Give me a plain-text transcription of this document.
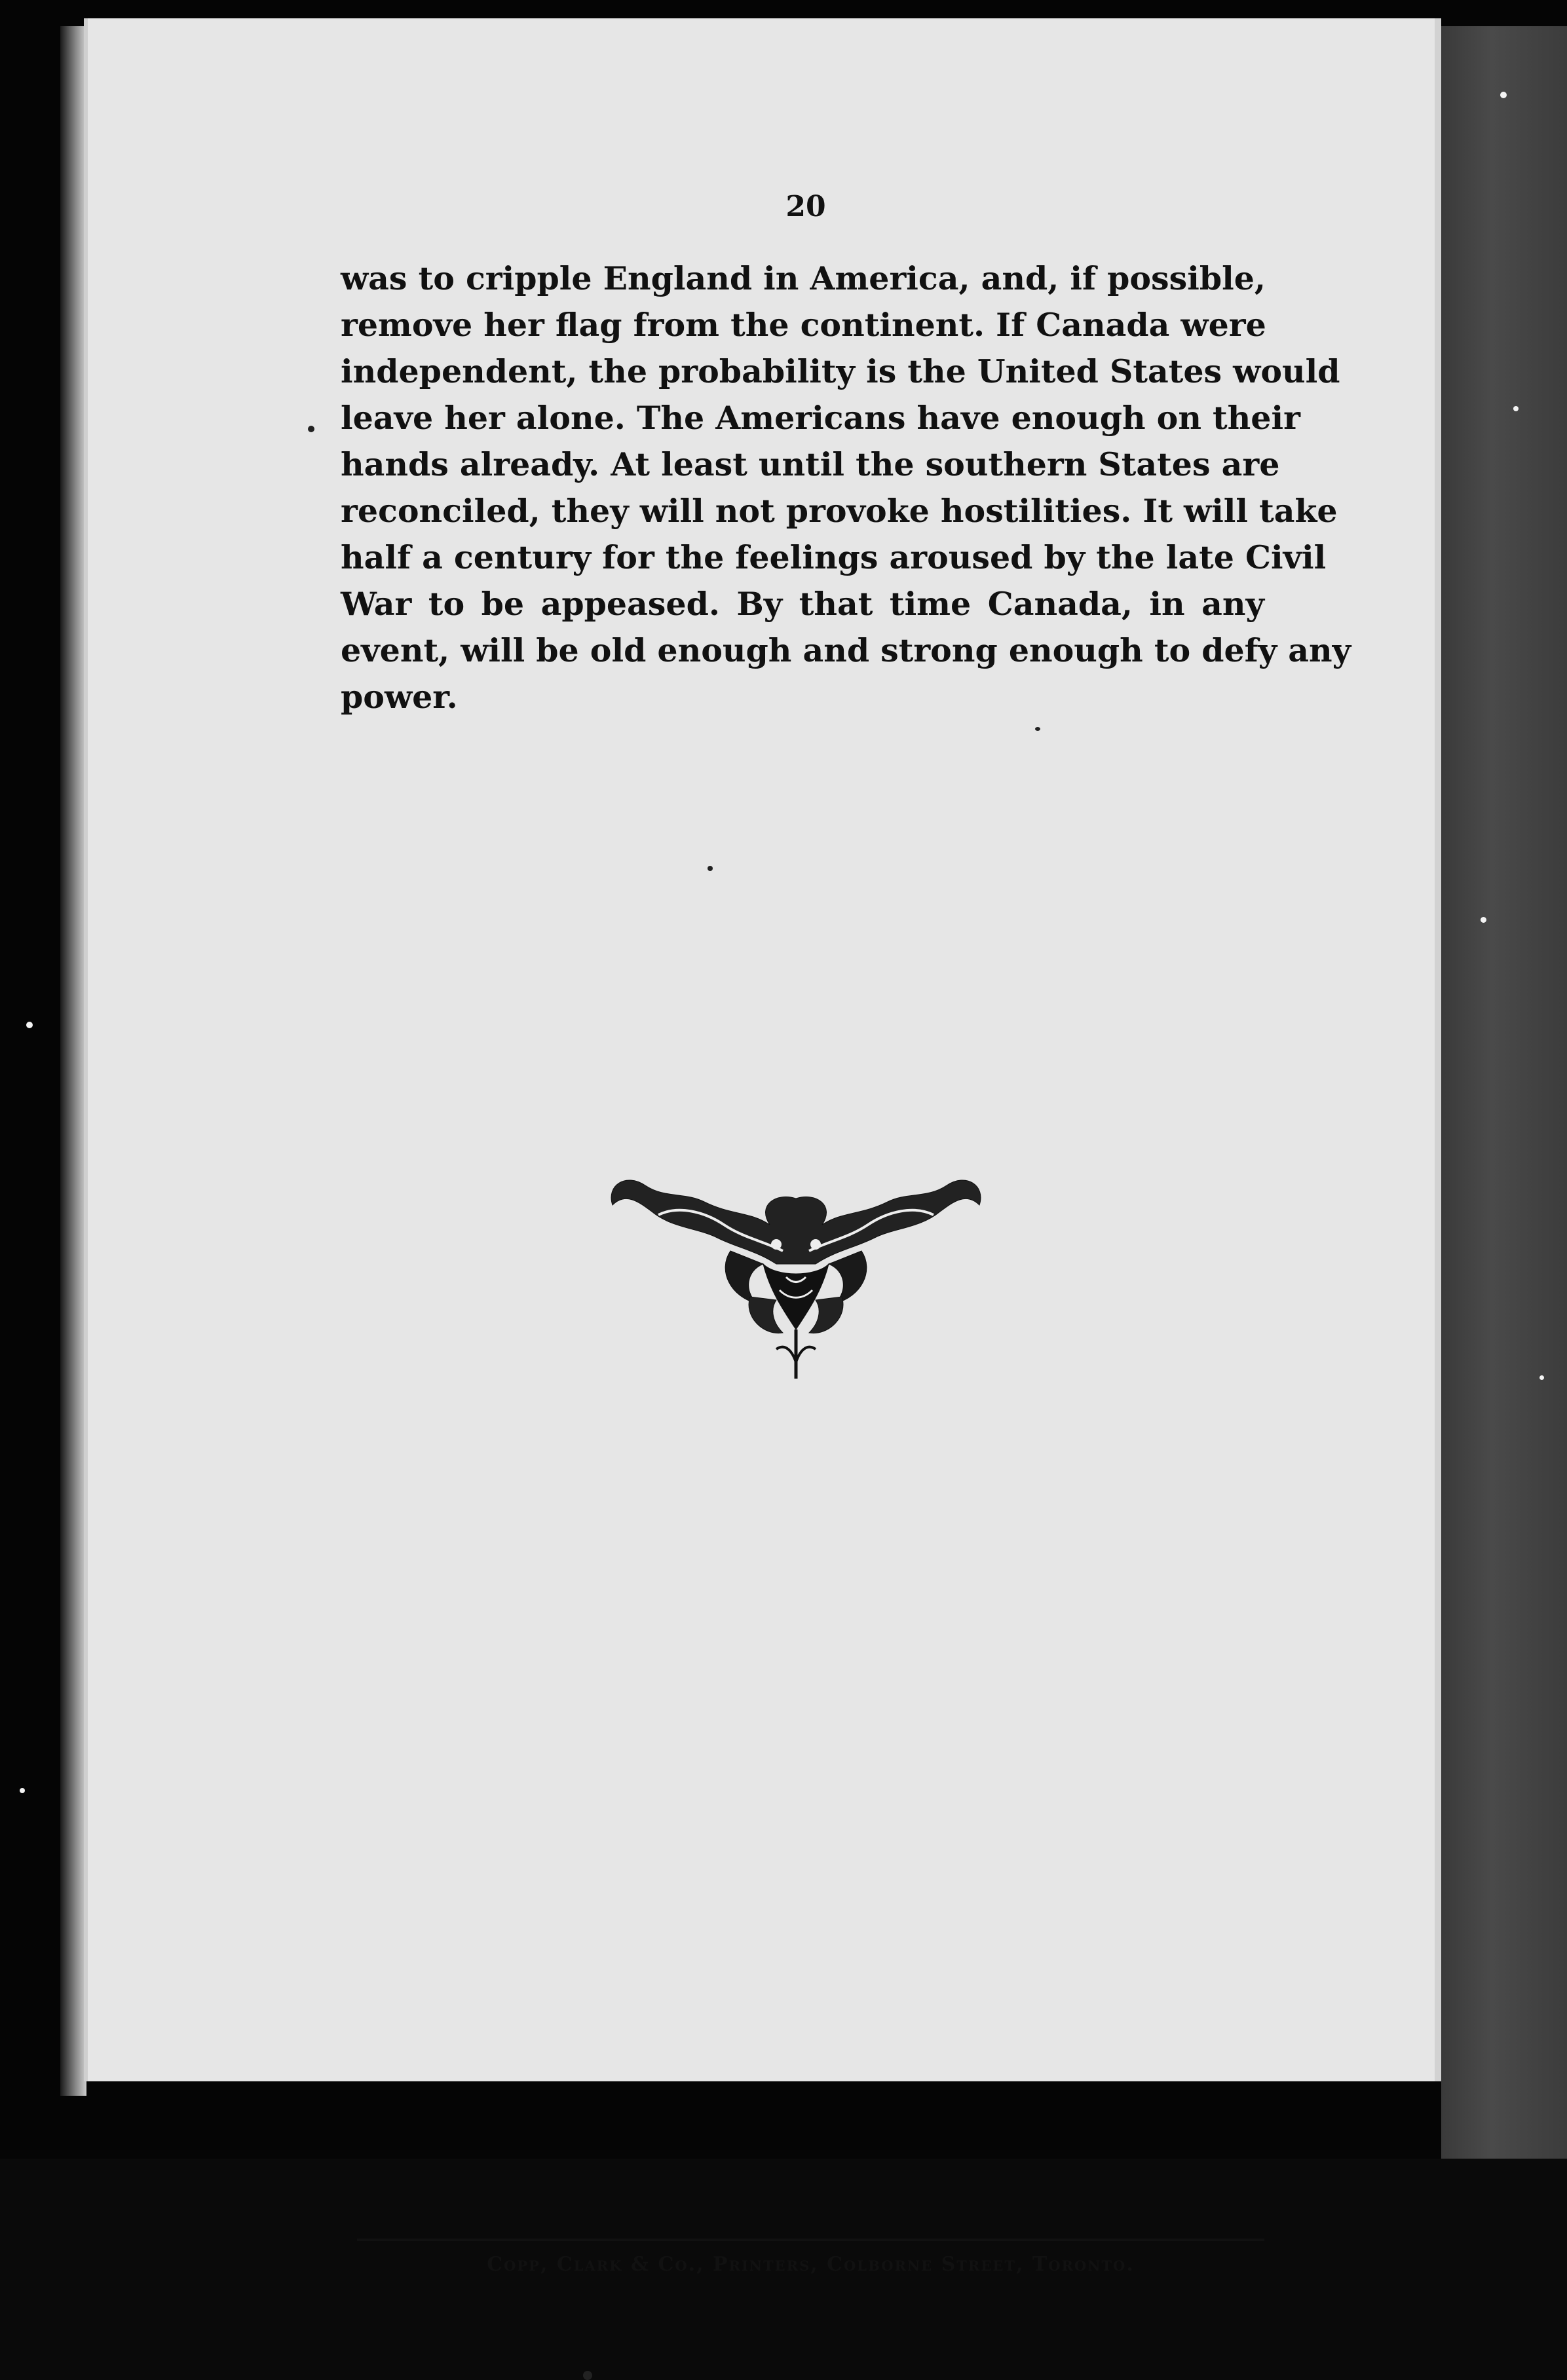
20
was to cripple England in America, and, if possible,
remove her flag from the continent. If Canada were
independent, the probability is the United States would
leave her alone. The Americans have enough on their
hands already. At least until the southern States are
reconciled, they will not provoke hostilities. It will take
half a century for the feelings aroused by the late Civil
War to be appeased. By that time Canada, in any
event, will be old enough and strong enough to defy any
power.
Copp, Clark & Co., Printers, Colborne Street, Toronto.
